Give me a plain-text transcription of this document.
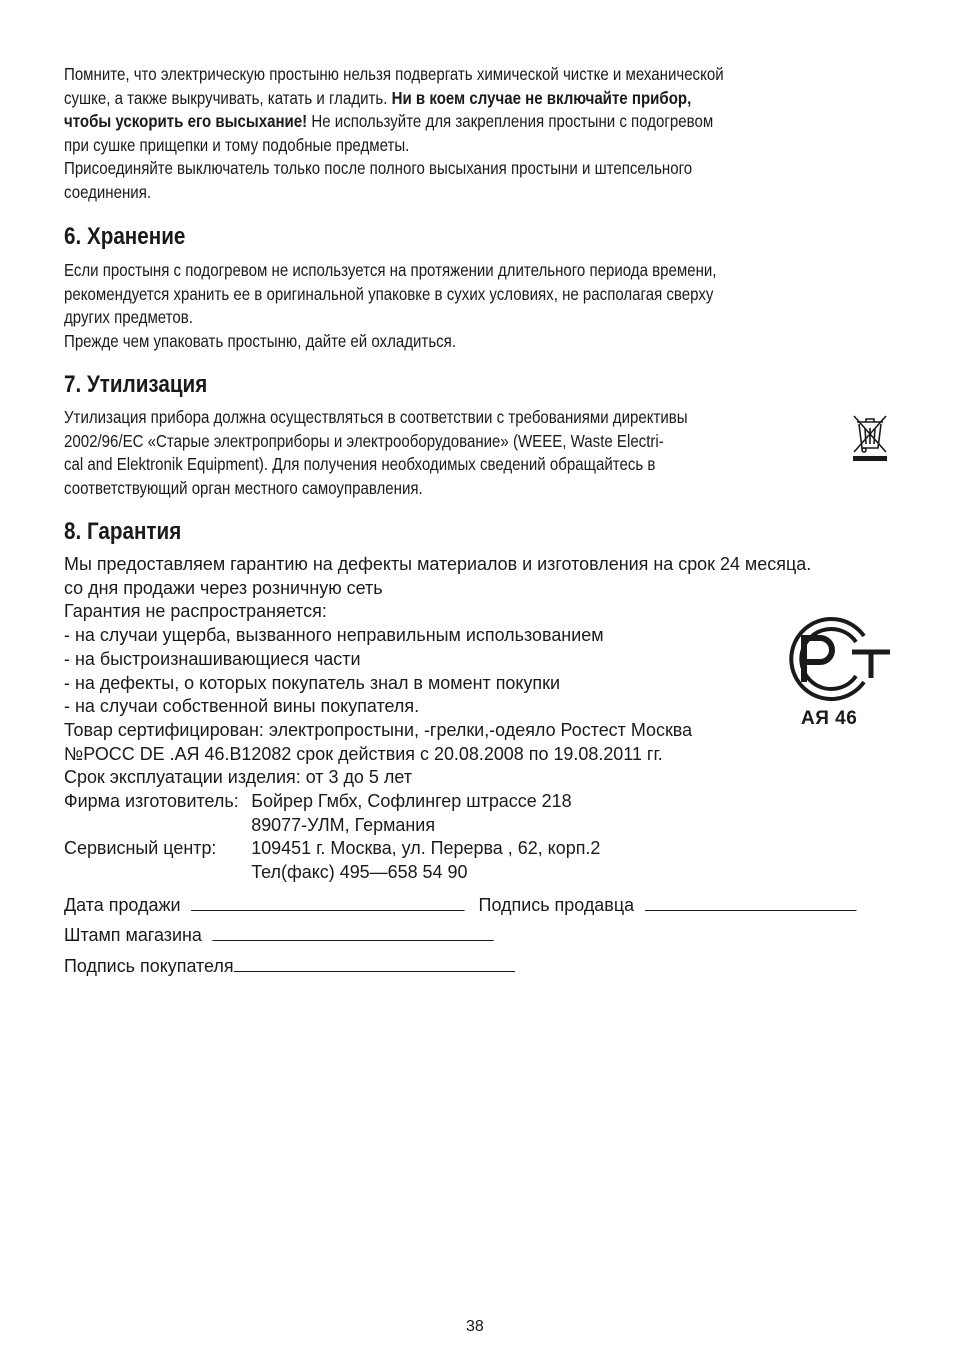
Помните, что электрическую простыню нельзя подвергать химической чистке и механической
сушке, а также выкручивать, катать и гладить. Ни в коем случае не включайте прибор,
чтобы ускорить его высыхание! Не используйте для закрепления простыни с подогревом
при сушке прищепки и тому подобные предметы.
Присоединяйте выключатель только после полного высыхания простыни и штепсельного
соединения.
6. Хранение
Если простыня с подогревом не используется на протяжении длительного периода времени,
рекомендуется хранить ее в оригинальной упаковке в сухих условиях, не располагая сверху
других предметов.
Прежде чем упаковать простыню, дайте ей охладиться.
7. Утилизация
Утилизация прибора должна осуществляться в соответствии с требованиями директивы
2002/96/EC «Старые электроприборы и электрооборудование» (WEEE, Waste Electri-
cal and Elektronik Equipment). Для получения необходимых сведений обращайтесь в
соответствующий орган местного самоуправления.
8. Гарантия
Мы предоставляем гарантию на дефекты материалов и изготовления на срок 24 месяца.
со дня продажи через розничную сеть
Гарантия не распространяется:
- на случаи ущерба, вызванного неправильным использованием
- на быстроизнашивающиеся части
- на дефекты, о которых покупатель знал в момент покупки
- на случаи собственной вины покупателя.
Товар сертифицирован: электропростыни, -грелки,-одеяло Ростест Москва
№РОСС DE .АЯ 46.В12082 срок действия с 20.08.2008 по 19.08.2011 гг.
Срок эксплуатации изделия: от 3 до 5 лет
Фирма изготовитель: Бойрер Гмбх, Софлингер штрассе 218
89077-УЛМ, Германия
Сервисный центр:	109451 г. Москва, ул. Перерва , 62, корп.2
Тел(факс) 495—658 54 90
АЯ 46
Дата продажи	Подпись продавца
Штамп магазина
Подпись покупателя
38
